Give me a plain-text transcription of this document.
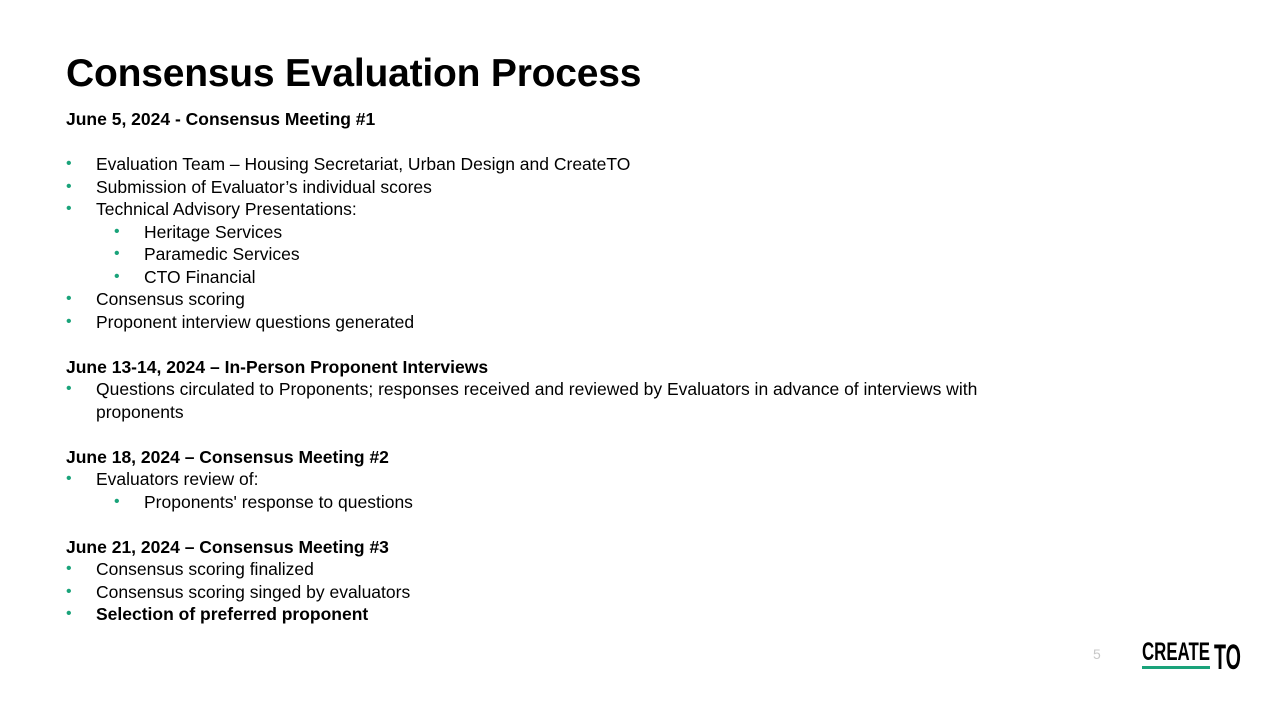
Consensus Evaluation Process

June 5, 2024 - Consensus Meeting #1

• Evaluation Team – Housing Secretariat, Urban Design and CreateTO
• Submission of Evaluator’s individual scores
• Technical Advisory Presentations:
• Heritage Services
• Paramedic Services
• CTO Financial
• Consensus scoring
• Proponent interview questions generated

June 13-14, 2024 – In-Person Proponent Interviews

• Questions circulated to Proponents; responses received and reviewed by Evaluators in advance of interviews with proponents

June 18, 2024 – Consensus Meeting #2

• Evaluators review of:
• Proponents' response to questions

June 21, 2024 – Consensus Meeting #3

• Consensus scoring finalized
• Consensus scoring singed by evaluators
• Selection of preferred proponent
5 CREATE TO
